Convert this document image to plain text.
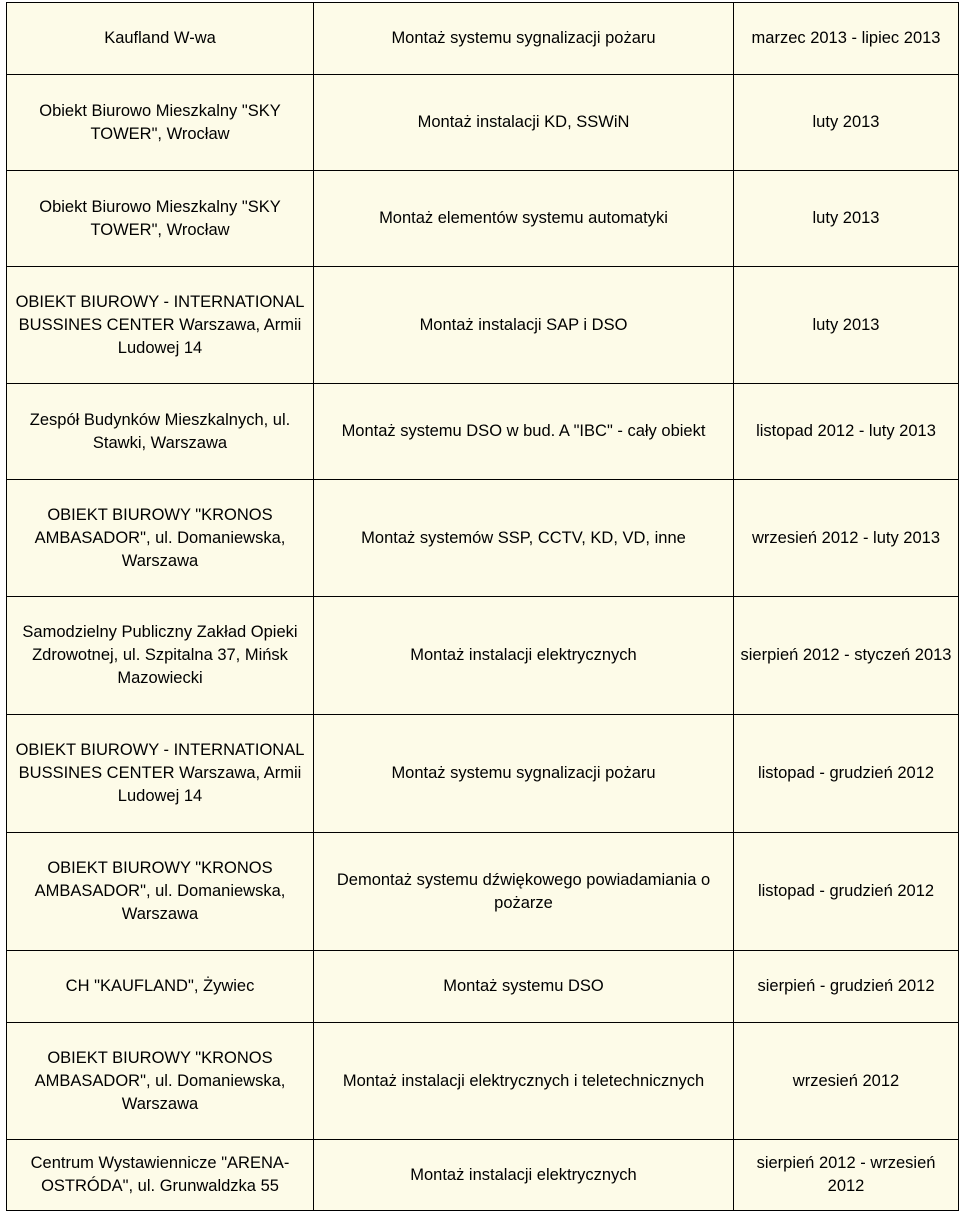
Kaufland W-wa	Montaż systemu sygnalizacji pożaru	marzec 2013 - lipiec 2013
Obiekt Biurowo Mieszkalny "SKY TOWER", Wrocław	Montaż instalacji KD, SSWiN	luty 2013
Obiekt Biurowo Mieszkalny "SKY TOWER", Wrocław	Montaż elementów systemu automatyki	luty 2013
OBIEKT BIUROWY - INTERNATIONAL BUSSINES CENTER Warszawa, Armii Ludowej 14	Montaż instalacji SAP i DSO	luty 2013
Zespół Budynków Mieszkalnych, ul. Stawki, Warszawa	Montaż systemu DSO w bud. A "IBC" - cały obiekt	listopad 2012 - luty 2013
OBIEKT BIUROWY "KRONOS AMBASADOR", ul. Domaniewska, Warszawa	Montaż systemów SSP, CCTV, KD, VD, inne	wrzesień 2012 - luty 2013
Samodzielny Publiczny Zakład Opieki Zdrowotnej, ul. Szpitalna 37, Mińsk Mazowiecki	Montaż instalacji elektrycznych	sierpień 2012 - styczeń 2013
OBIEKT BIUROWY - INTERNATIONAL BUSSINES CENTER Warszawa, Armii Ludowej 14	Montaż systemu sygnalizacji pożaru	listopad - grudzień 2012
OBIEKT BIUROWY "KRONOS AMBASADOR", ul. Domaniewska, Warszawa	Demontaż systemu dźwiękowego powiadamiania o pożarze	listopad - grudzień 2012
CH "KAUFLAND", Żywiec	Montaż systemu DSO	sierpień - grudzień 2012
OBIEKT BIUROWY "KRONOS AMBASADOR", ul. Domaniewska, Warszawa	Montaż instalacji elektrycznych i teletechnicznych	wrzesień 2012
Centrum Wystawiennicze "ARENA-OSTRÓDA", ul. Grunwaldzka 55	Montaż instalacji elektrycznych	sierpień 2012 - wrzesień 2012
